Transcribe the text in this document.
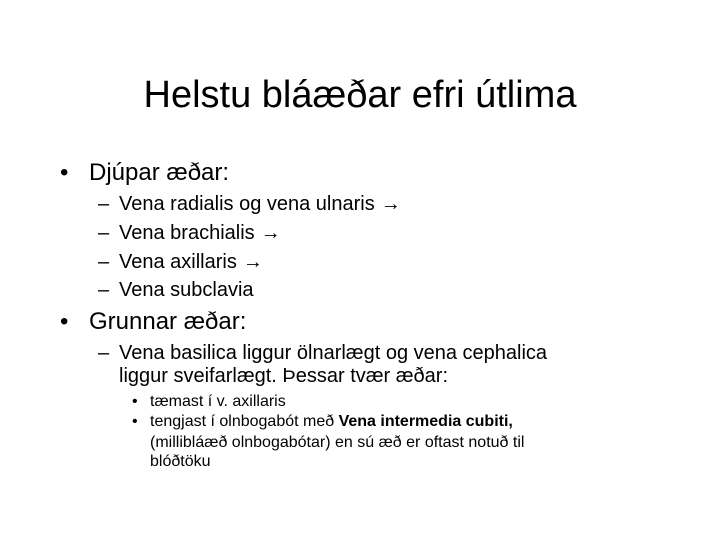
Helstu bláæðar efri útlima
• Djúpar æðar:
– Vena radialis og vena ulnaris →
– Vena brachialis →
– Vena axillaris →
– Vena subclavia
• Grunnar æðar:
– Vena basilica liggur ölnarlægt og vena cephalica
liggur sveifarlægt. Þessar tvær æðar:
• tæmast í v. axillaris
• tengjast í olnbogabót með Vena intermedia cubiti,
(millibláæð olnbogabótar) en sú æð er oftast notuð til
blóðtöku
